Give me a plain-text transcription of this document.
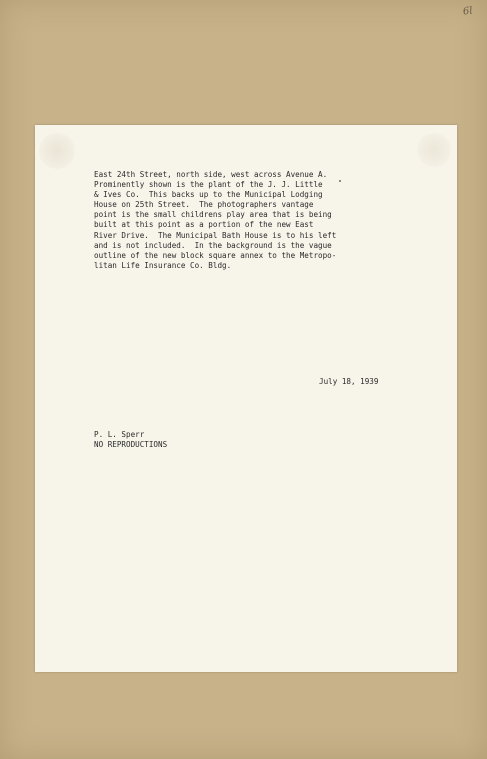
6l
East 24th Street, north side, west across Avenue A.
Prominently shown is the plant of the J. J. Little
& Ives Co.  This backs up to the Municipal Lodging
House on 25th Street.  The photographers vantage
point is the small childrens play area that is being
built at this point as a portion of the new East
River Drive.  The Municipal Bath House is to his left
and is not included.  In the background is the vague
outline of the new block square annex to the Metropo-
litan Life Insurance Co. Bldg.
July 18, 1939
P. L. Sperr
NO REPRODUCTIONS
